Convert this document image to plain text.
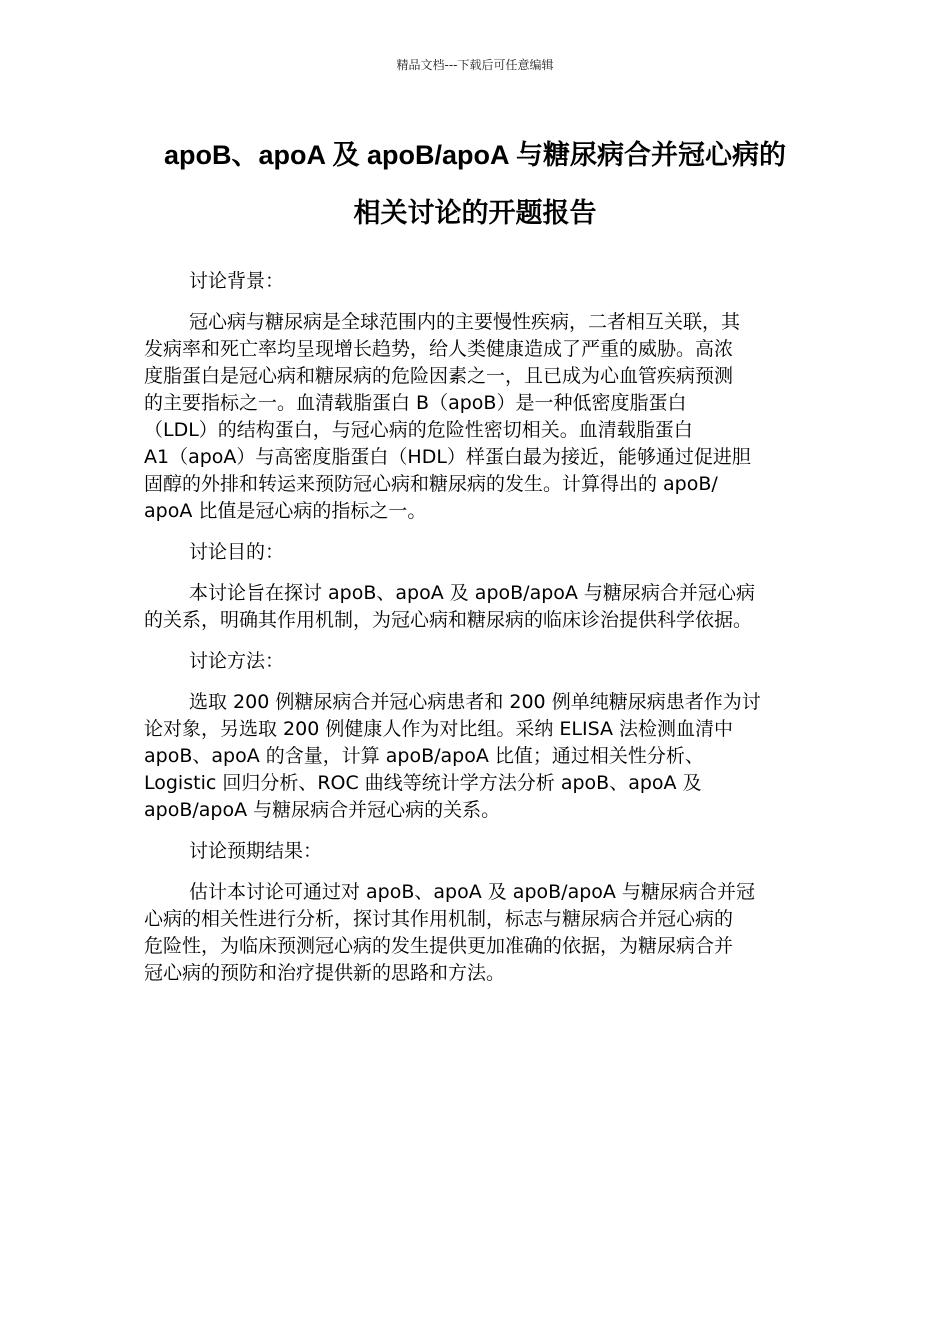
精品文档---下载后可任意编辑
apoB、apoA 及 apoB/apoA 与糖尿病合并冠心病的
相关讨论的开题报告
讨论背景：
冠心病与糖尿病是全球范围内的主要慢性疾病，二者相互关联，其
发病率和死亡率均呈现增长趋势，给人类健康造成了严重的威胁。高浓
度脂蛋白是冠心病和糖尿病的危险因素之一，且已成为心血管疾病预测
的主要指标之一。血清载脂蛋白 B（apoB）是一种低密度脂蛋白
（LDL）的结构蛋白，与冠心病的危险性密切相关。血清载脂蛋白
A1（apoA）与高密度脂蛋白（HDL）样蛋白最为接近，能够通过促进胆
固醇的外排和转运来预防冠心病和糖尿病的发生。计算得出的 apoB/
apoA 比值是冠心病的指标之一。
讨论目的：
本讨论旨在探讨 apoB、apoA 及 apoB/apoA 与糖尿病合并冠心病
的关系，明确其作用机制，为冠心病和糖尿病的临床诊治提供科学依据。
讨论方法：
选取 200 例糖尿病合并冠心病患者和 200 例单纯糖尿病患者作为讨
论对象，另选取 200 例健康人作为对比组。采纳 ELISA 法检测血清中
apoB、apoA 的含量，计算 apoB/apoA 比值；通过相关性分析、
Logistic 回归分析、ROC 曲线等统计学方法分析 apoB、apoA 及
apoB/apoA 与糖尿病合并冠心病的关系。
讨论预期结果：
估计本讨论可通过对 apoB、apoA 及 apoB/apoA 与糖尿病合并冠
心病的相关性进行分析，探讨其作用机制，标志与糖尿病合并冠心病的
危险性，为临床预测冠心病的发生提供更加准确的依据，为糖尿病合并
冠心病的预防和治疗提供新的思路和方法。
